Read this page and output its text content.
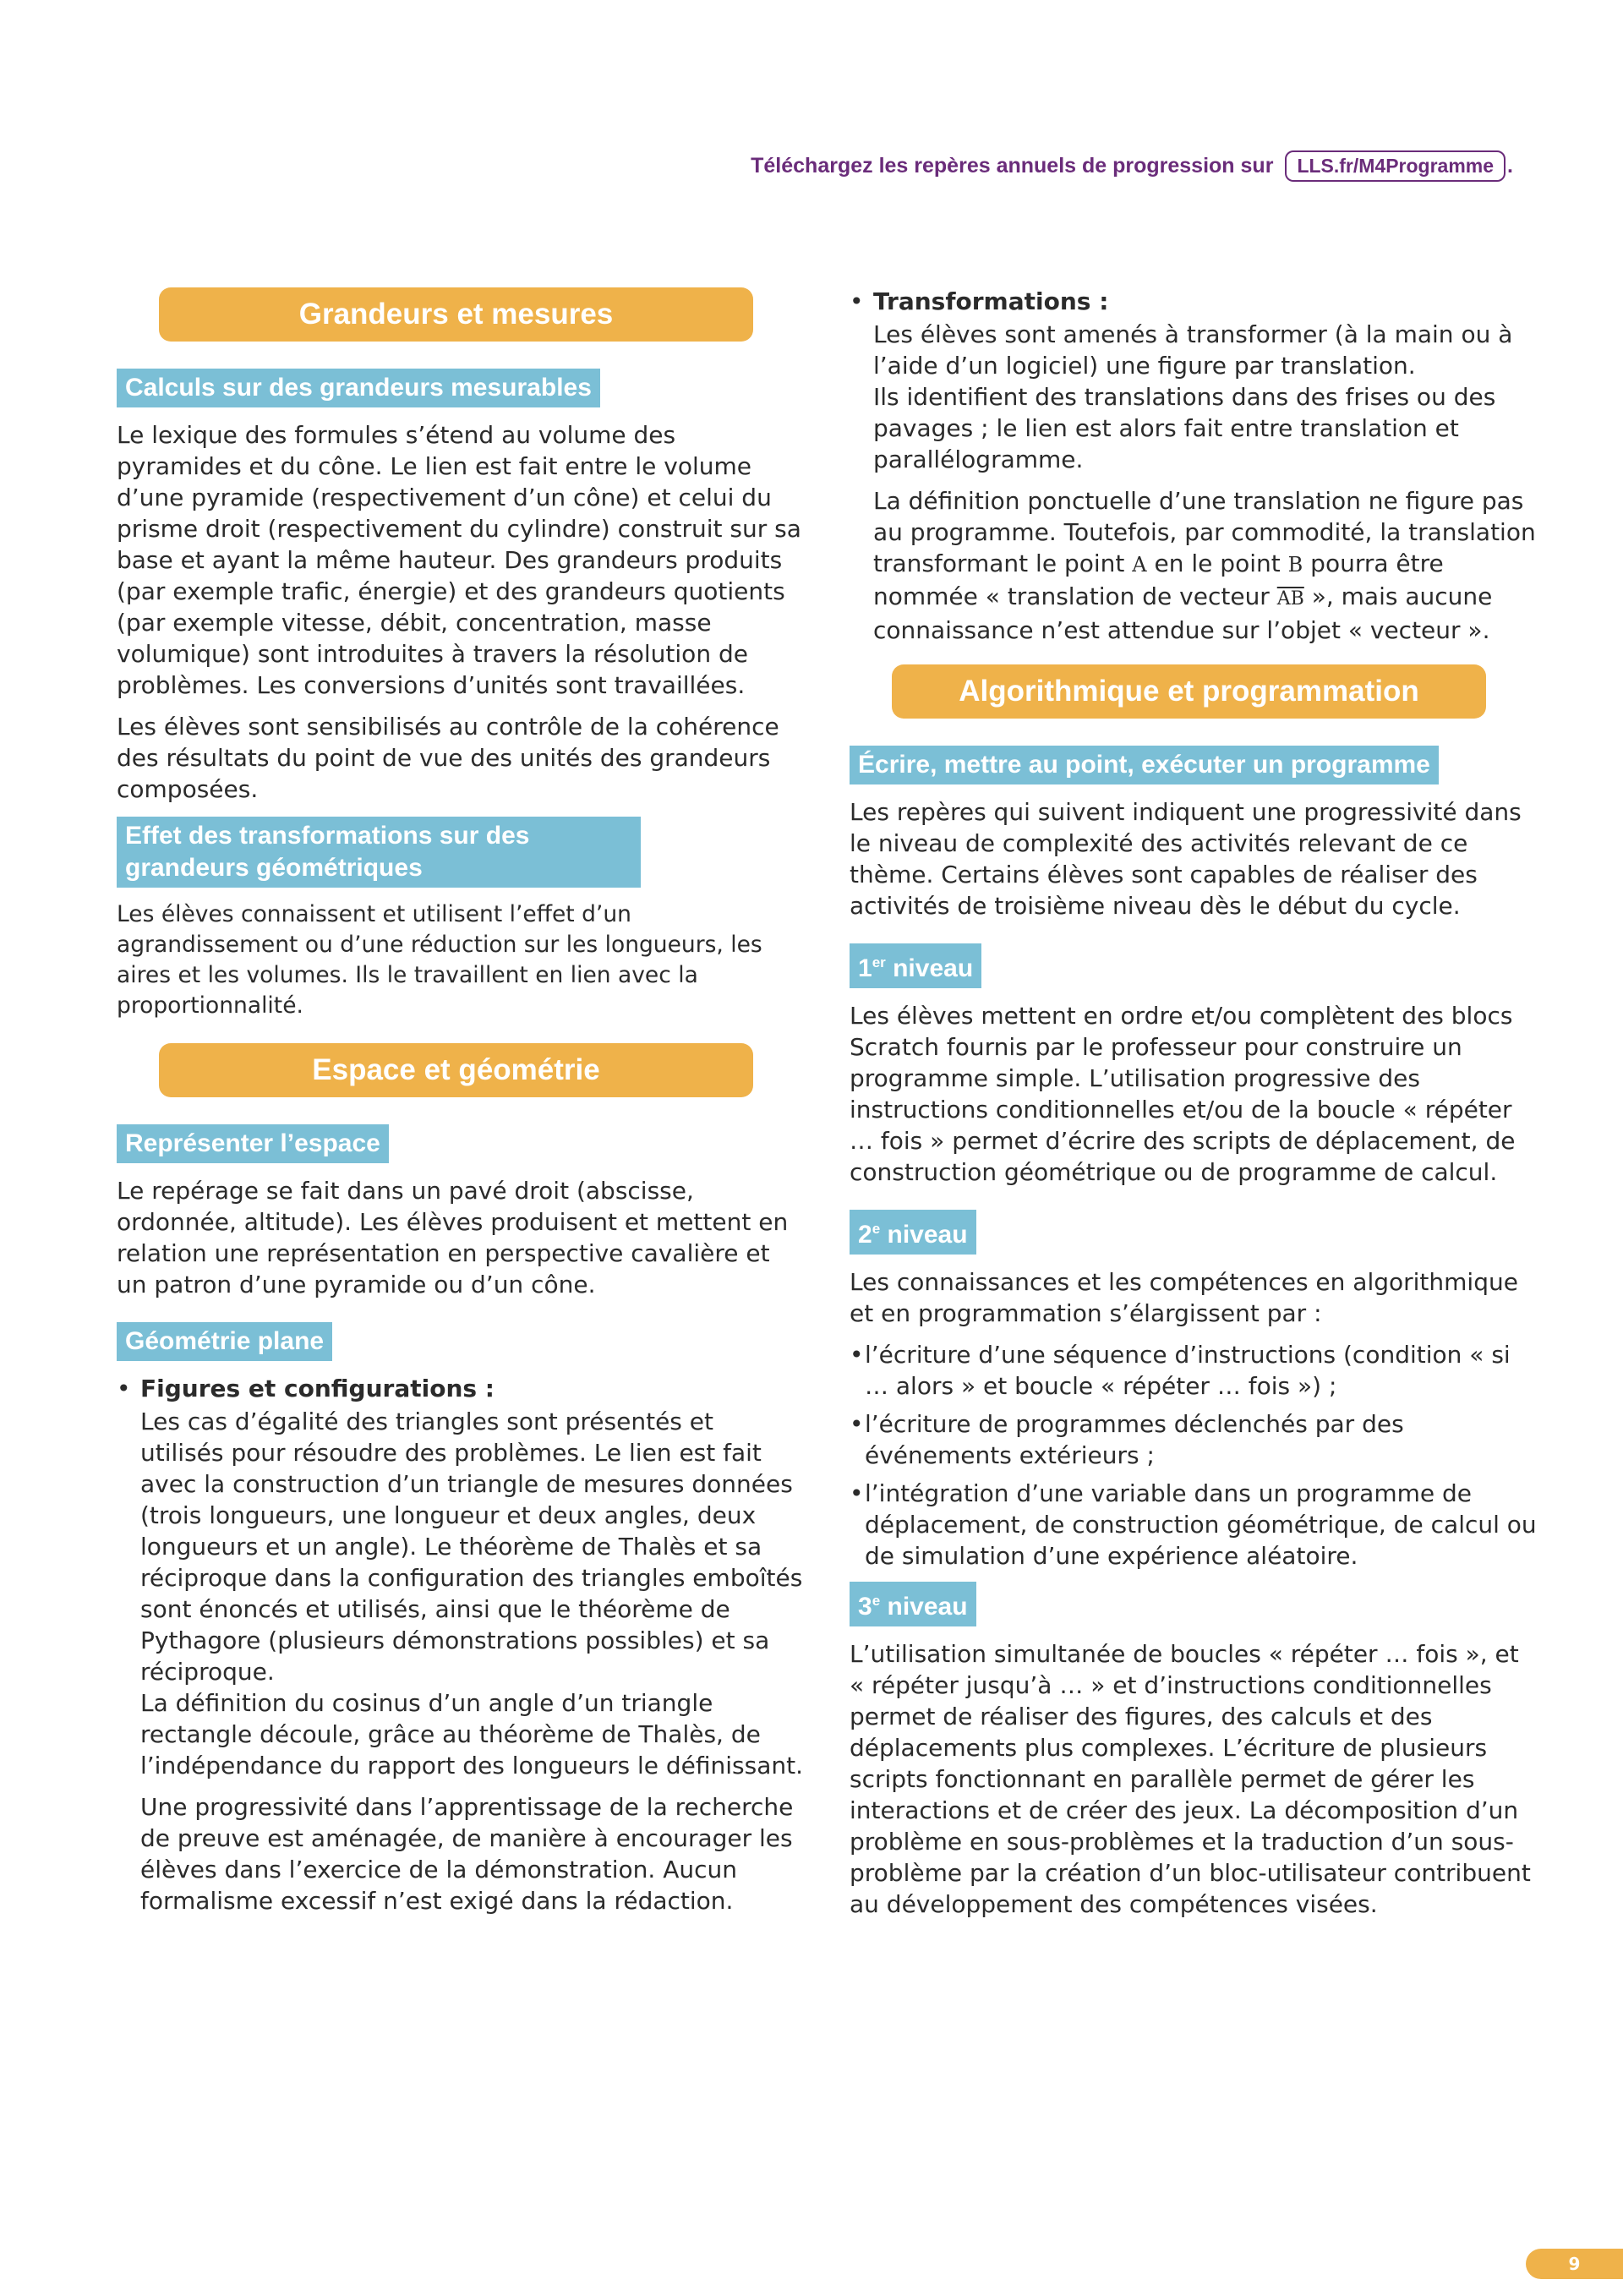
Téléchargez les repères annuels de progression sur	LLS.fr/M4Programme .
Grandeurs et mesures
Calculs sur des grandeurs mesurables

Le lexique des formules s’étend au volume des pyramides et du cône. Le lien est fait entre le volume d’une pyramide (respectivement d’un cône) et celui du prisme droit (respectivement du cylindre) construit sur sa base et ayant la même hauteur. Des grandeurs produits (par exemple trafic, énergie) et des grandeurs quotients (par exemple vitesse, débit, concentration, masse volumique) sont introduites à travers la résolution de problèmes. Les conversions d’unités sont travaillées.

Les élèves sont sensibilisés au contrôle de la cohérence des résultats du point de vue des unités des grandeurs composées.

Effet des transformations sur des grandeurs géométriques

Les élèves connaissent et utilisent l’effet d’un agrandissement ou d’une réduction sur les longueurs, les aires et les volumes. Ils le travaillent en lien avec la proportionnalité.

Espace et géométrie
Représenter l’espace

Le repérage se fait dans un pavé droit (abscisse, ordonnée, altitude). Les élèves produisent et mettent en relation une représentation en perspective cavalière et un patron d’une pyramide ou d’un cône.

Géométrie plane
• Figures et configurations :

Les cas d’égalité des triangles sont présentés et utilisés pour résoudre des problèmes. Le lien est fait avec la construction d’un triangle de mesures données (trois longueurs, une longueur et deux angles, deux longueurs et un angle). Le théorème de Thalès et sa réciproque dans la configuration des triangles emboîtés sont énoncés et utilisés, ainsi que le théorème de Pythagore (plusieurs démonstrations possibles) et sa réciproque.

La définition du cosinus d’un angle d’un triangle rectangle découle, grâce au théorème de Thalès, de l’indépendance du rapport des longueurs le définissant.

Une progressivité dans l’apprentissage de la recherche de preuve est aménagée, de manière à encourager les élèves dans l’exercice de la démonstration. Aucun formalisme excessif n’est exigé dans la rédaction.

• Transformations :

Les élèves sont amenés à transformer (à la main ou à l’aide d’un logiciel) une figure par translation.

Ils identifient des translations dans des frises ou des pavages ; le lien est alors fait entre translation et parallélogramme.

La définition ponctuelle d’une translation ne figure pas au programme. Toutefois, par commodité, la translation transformant le point A en le point B pourra être nommée « translation de vecteur $\overline{AB}$ », mais aucune connaissance n’est attendue sur l’objet « vecteur ».

Algorithmique et programmation
Écrire, mettre au point, exécuter un programme

Les repères qui suivent indiquent une progressivité dans le niveau de complexité des activités relevant de ce thème. Certains élèves sont capables de réaliser des activités de troisième niveau dès le début du cycle.

1er niveau

Les élèves mettent en ordre et/ou complètent des blocs Scratch fournis par le professeur pour construire un programme simple. L’utilisation progressive des instructions conditionnelles et/ou de la boucle « répéter … fois » permet d’écrire des scripts de déplacement, de construction géométrique ou de programme de calcul.

2e niveau

Les connaissances et les compétences en algorithmique et en programmation s’élargissent par :

• l’écriture d’une séquence d’instructions (condition « si … alors » et boucle « répéter … fois ») ;
• l’écriture de programmes déclenchés par des événements extérieurs ;
• l’intégration d’une variable dans un programme de déplacement, de construction géométrique, de calcul ou de simulation d’une expérience aléatoire.
3e niveau

L’utilisation simultanée de boucles « répéter … fois », et « répéter jusqu’à … » et d’instructions conditionnelles permet de réaliser des figures, des calculs et des déplacements plus complexes. L’écriture de plusieurs scripts fonctionnant en parallèle permet de gérer les interactions et de créer des jeux. La décomposition d’un problème en sous-problèmes et la traduction d’un sous-problème par la création d’un bloc-utilisateur contribuent au développement des compétences visées.

9
